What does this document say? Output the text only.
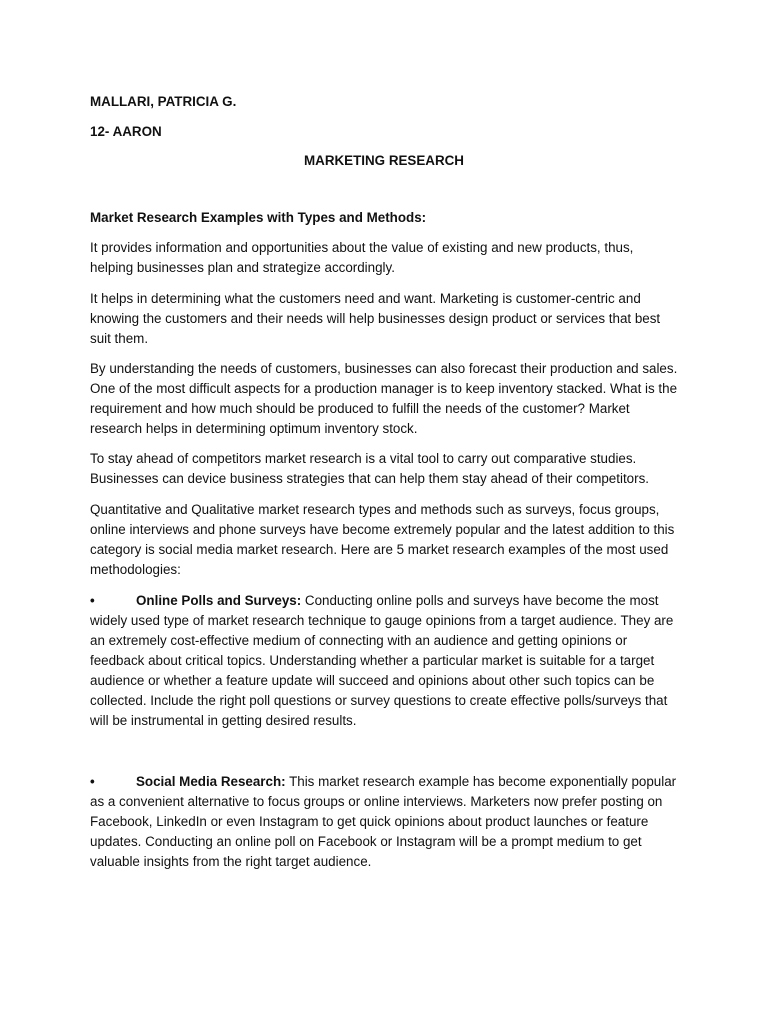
MALLARI, PATRICIA G.
12- AARON
MARKETING RESEARCH
Market Research Examples with Types and Methods:

It provides information and opportunities about the value of existing and new products, thus, helping businesses plan and strategize accordingly.

It helps in determining what the customers need and want. Marketing is customer-centric and knowing the customers and their needs will help businesses design product or services that best suit them.

By understanding the needs of customers, businesses can also forecast their production and sales. One of the most difficult aspects for a production manager is to keep inventory stacked. What is the requirement and how much should be produced to fulfill the needs of the customer? Market research helps in determining optimum inventory stock.

To stay ahead of competitors market research is a vital tool to carry out comparative studies. Businesses can device business strategies that can help them stay ahead of their competitors.

Quantitative and Qualitative market research types and methods such as surveys, focus groups, online interviews and phone surveys have become extremely popular and the latest addition to this category is social media market research. Here are 5 market research examples of the most used methodologies:

•	Online Polls and Surveys: Conducting online polls and surveys have become the most widely used type of market research technique to gauge opinions from a target audience. They are an extremely cost-effective medium of connecting with an audience and getting opinions or feedback about critical topics. Understanding whether a particular market is suitable for a target audience or whether a feature update will succeed and opinions about other such topics can be collected. Include the right poll questions or survey questions to create effective polls/surveys that will be instrumental in getting desired results.

•	Social Media Research: This market research example has become exponentially popular as a convenient alternative to focus groups or online interviews. Marketers now prefer posting on Facebook, LinkedIn or even Instagram to get quick opinions about product launches or feature updates. Conducting an online poll on Facebook or Instagram will be a prompt medium to get valuable insights from the right target audience.
